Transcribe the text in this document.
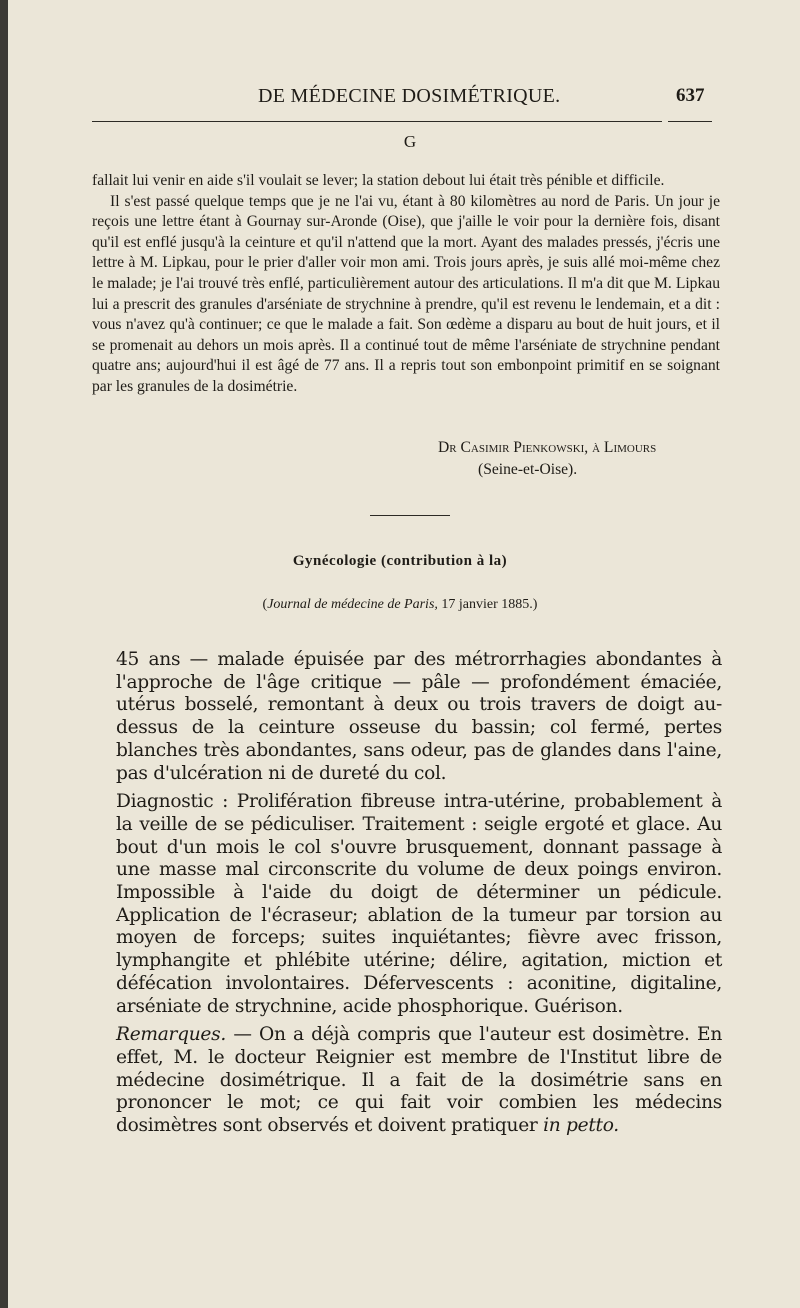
DE MÉDECINE DOSIMÉTRIQUE.	637
G

fallait lui venir en aide s'il voulait se lever; la station debout lui était très pénible et difficile.

Il s'est passé quelque temps que je ne l'ai vu, étant à 80 kilomètres au nord de Paris. Un jour je reçois une lettre étant à Gournay sur-Aronde (Oise), que j'aille le voir pour la dernière fois, disant qu'il est enflé jusqu'à la ceinture et qu'il n'attend que la mort. Ayant des malades pressés, j'écris une lettre à M. Lipkau, pour le prier d'aller voir mon ami. Trois jours après, je suis allé moi-même chez le malade; je l'ai trouvé très enflé, particulièrement autour des articulations. Il m'a dit que M. Lipkau lui a prescrit des granules d'arséniate de strychnine à prendre, qu'il est revenu le lendemain, et a dit : vous n'avez qu'à continuer; ce que le malade a fait. Son œdème a disparu au bout de huit jours, et il se promenait au dehors un mois après. Il a continué tout de même l'arséniate de strychnine pendant quatre ans; aujourd'hui il est âgé de 77 ans. Il a repris tout son embonpoint primitif en se soignant par les granules de la dosimétrie.

Dr Casimir Pienkowski, à Limours
(Seine-et-Oise).
Gynécologie (contribution à la)
(Journal de médecine de Paris, 17 janvier 1885.)

45 ans — malade épuisée par des métrorrhagies abondantes à l'approche de l'âge critique — pâle — profondément émaciée, utérus bosselé, remontant à deux ou trois travers de doigt au-dessus de la ceinture osseuse du bassin; col fermé, pertes blanches très abondantes, sans odeur, pas de glandes dans l'aine, pas d'ulcération ni de dureté du col.

Diagnostic : Prolifération fibreuse intra-utérine, probablement à la veille de se pédiculiser. Traitement : seigle ergoté et glace. Au bout d'un mois le col s'ouvre brusquement, donnant passage à une masse mal circonscrite du volume de deux poings environ. Impossible à l'aide du doigt de déterminer un pédicule. Application de l'écraseur; ablation de la tumeur par torsion au moyen de forceps; suites inquiétantes; fièvre avec frisson, lymphangite et phlébite utérine; délire, agitation, miction et défécation involontaires. Défervescents : aconitine, digitaline, arséniate de strychnine, acide phosphorique. Guérison.

Remarques. — On a déjà compris que l'auteur est dosimètre. En effet, M. le docteur Reignier est membre de l'Institut libre de médecine dosimétrique. Il a fait de la dosimétrie sans en prononcer le mot; ce qui fait voir combien les médecins dosimètres sont observés et doivent pratiquer in petto.
